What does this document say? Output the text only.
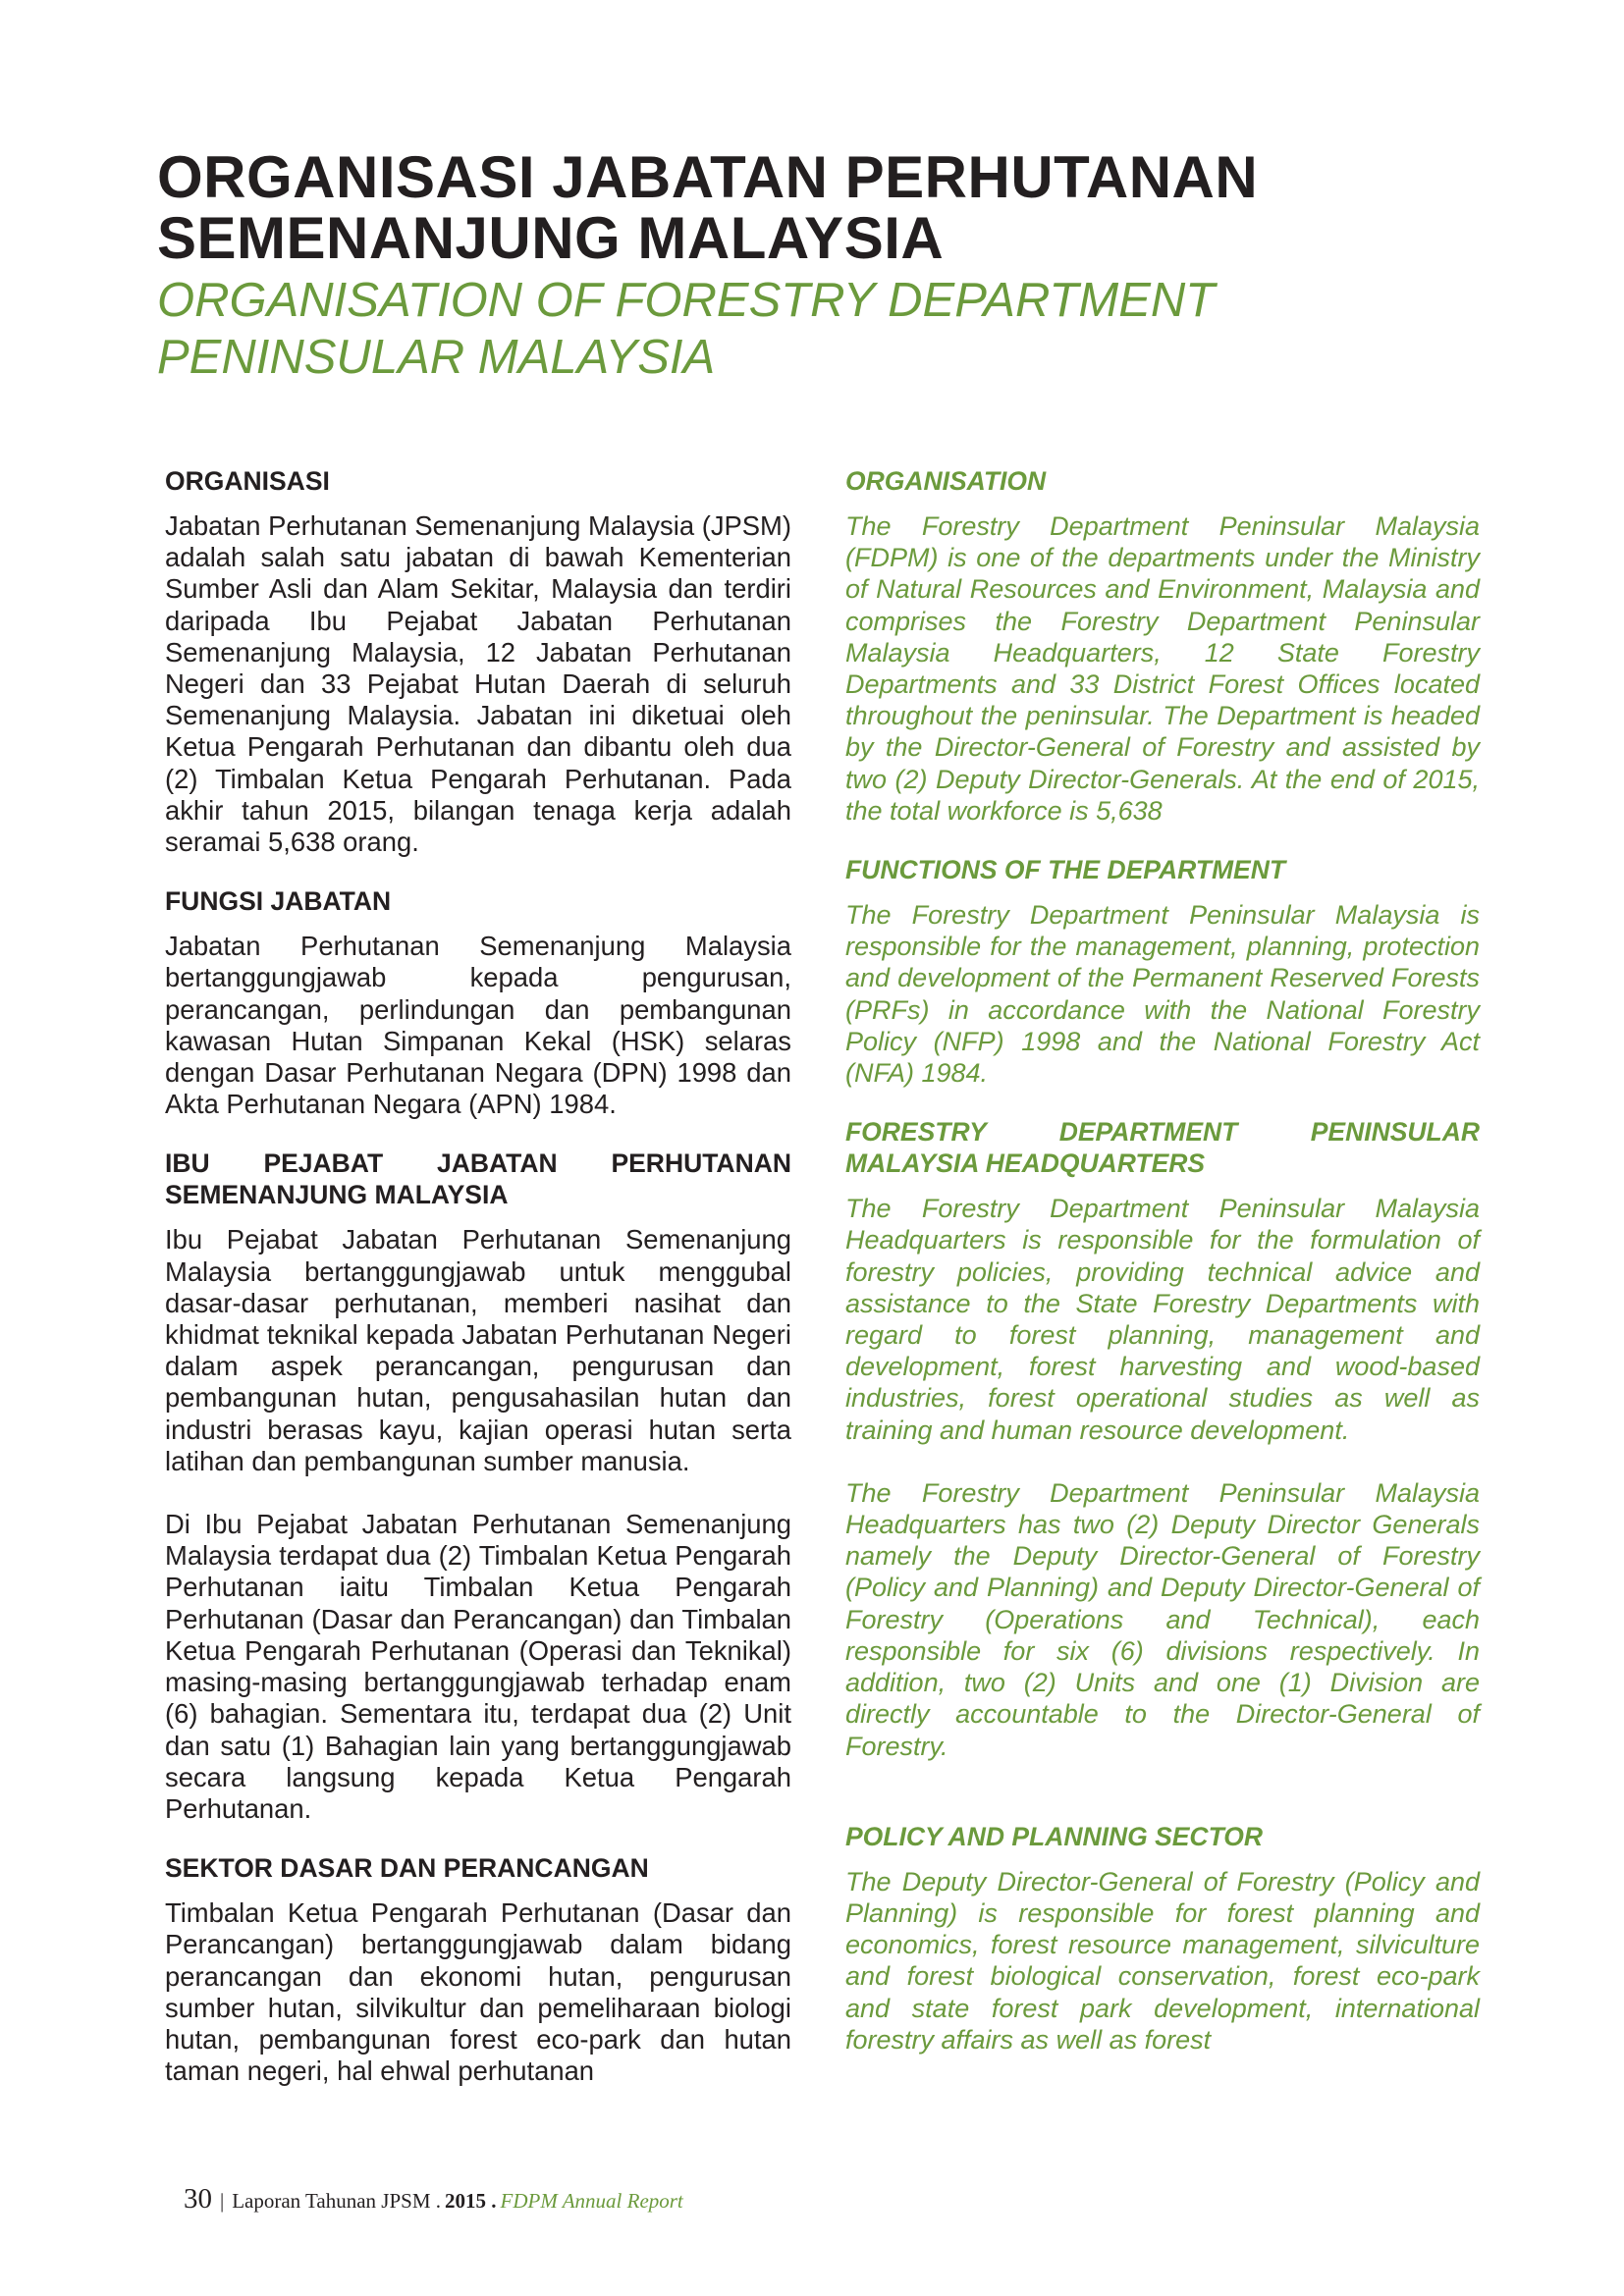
ORGANISASI JABATAN PERHUTANAN SEMENANJUNG MALAYSIA
ORGANISATION OF FORESTRY DEPARTMENT PENINSULAR MALAYSIA
ORGANISASI

Jabatan Perhutanan Semenanjung Malaysia (JPSM) adalah salah satu jabatan di bawah Kementerian Sumber Asli dan Alam Sekitar, Malaysia dan terdiri daripada Ibu Pejabat Jabatan Perhutanan Semenanjung Malaysia, 12 Jabatan Perhutanan Negeri dan 33 Pejabat Hutan Daerah di seluruh Semenanjung Malaysia. Jabatan ini diketuai oleh Ketua Pengarah Perhutanan dan dibantu oleh dua (2) Timbalan Ketua Pengarah Perhutanan. Pada akhir tahun 2015, bilangan tenaga kerja adalah seramai 5,638 orang.

FUNGSI JABATAN

Jabatan Perhutanan Semenanjung Malaysia bertanggungjawab kepada pengurusan, perancangan, perlindungan dan pembangunan kawasan Hutan Simpanan Kekal (HSK) selaras dengan Dasar Perhutanan Negara (DPN) 1998 dan Akta Perhutanan Negara (APN) 1984.

IBU PEJABAT JABATAN PERHUTANAN SEMENANJUNG MALAYSIA

Ibu Pejabat Jabatan Perhutanan Semenanjung Malaysia bertanggungjawab untuk menggubal dasar-dasar perhutanan, memberi nasihat dan khidmat teknikal kepada Jabatan Perhutanan Negeri dalam aspek perancangan, pengurusan dan pembangunan hutan, pengusahasilan hutan dan industri berasas kayu, kajian operasi hutan serta latihan dan pembangunan sumber manusia.

Di Ibu Pejabat Jabatan Perhutanan Semenanjung Malaysia terdapat dua (2) Timbalan Ketua Pengarah Perhutanan iaitu Timbalan Ketua Pengarah Perhutanan (Dasar dan Perancangan) dan Timbalan Ketua Pengarah Perhutanan (Operasi dan Teknikal) masing-masing bertanggungjawab terhadap enam (6) bahagian. Sementara itu, terdapat dua (2) Unit dan satu (1) Bahagian lain yang bertanggungjawab secara langsung kepada Ketua Pengarah Perhutanan.

SEKTOR DASAR DAN PERANCANGAN

Timbalan Ketua Pengarah Perhutanan (Dasar dan Perancangan) bertanggungjawab dalam bidang perancangan dan ekonomi hutan, pengurusan sumber hutan, silvikultur dan pemeliharaan biologi hutan, pembangunan forest eco-park dan hutan taman negeri, hal ehwal perhutanan

ORGANISATION

The Forestry Department Peninsular Malaysia (FDPM) is one of the departments under the Ministry of Natural Resources and Environment, Malaysia and comprises the Forestry Department Peninsular Malaysia Headquarters, 12 State Forestry Departments and 33 District Forest Offices located throughout the peninsular. The Department is headed by the Director-General of Forestry and assisted by two (2) Deputy Director-Generals. At the end of 2015, the total workforce is 5,638

FUNCTIONS OF THE DEPARTMENT

The Forestry Department Peninsular Malaysia is responsible for the management, planning, protection and development of the Permanent Reserved Forests (PRFs) in accordance with the National Forestry Policy (NFP) 1998 and the National Forestry Act (NFA) 1984.

FORESTRY DEPARTMENT PENINSULAR MALAYSIA HEADQUARTERS

The Forestry Department Peninsular Malaysia Headquarters is responsible for the formulation of forestry policies, providing technical advice and assistance to the State Forestry Departments with regard to forest planning, management and development, forest harvesting and wood-based industries, forest operational studies as well as training and human resource development.

The Forestry Department Peninsular Malaysia Headquarters has two (2) Deputy Director Generals namely the Deputy Director-General of Forestry (Policy and Planning) and Deputy Director-General of Forestry (Operations and Technical), each responsible for six (6) divisions respectively. In addition, two (2) Units and one (1) Division are directly accountable to the Director-General of Forestry.

POLICY AND PLANNING SECTOR

The Deputy Director-General of Forestry (Policy and Planning) is responsible for forest planning and economics, forest resource management, silviculture and forest biological conservation, forest eco-park and state forest park development, international forestry affairs as well as forest

30 | Laporan Tahunan JPSM . 2015 . FDPM Annual Report
